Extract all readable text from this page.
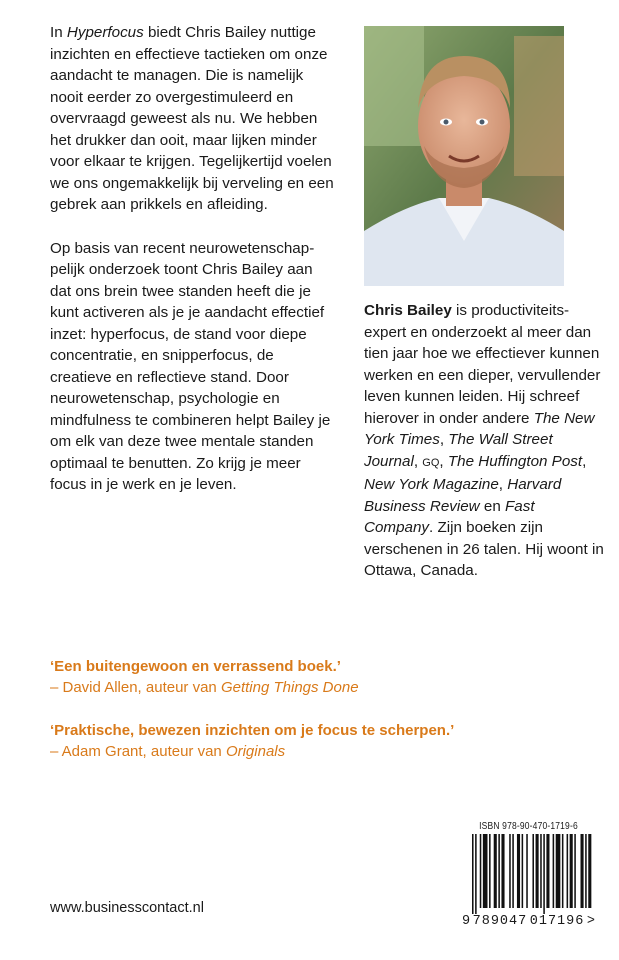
In Hyperfocus biedt Chris Bailey nuttige inzichten en effectieve tactieken om onze aandacht te managen. Die is namelijk nooit eerder zo overgestimuleerd en overvraagd geweest als nu. We hebben het drukker dan ooit, maar lijken minder voor elkaar te krijgen. Tegelijkertijd voelen we ons ongemakkelijk bij verveling en een gebrek aan prikkels en afleiding.

Op basis van recent neurowetenschap-pelijk onderzoek toont Chris Bailey aan dat ons brein twee standen heeft die je kunt activeren als je je aandacht effectief inzet: hyperfocus, de stand voor diepe concentratie, en snipperfocus, de creatieve en reflectieve stand. Door neurowetenschap, psychologie en mindfulness te combineren helpt Bailey je om elk van deze twee mentale standen optimaal te benutten. Zo krijg je meer focus in je werk en je leven.

Chris Bailey is productiviteits-expert en onderzoekt al meer dan tien jaar hoe we effectiever kunnen werken en een dieper, vervullender leven kunnen leiden. Hij schreef hierover in onder andere The New York Times, The Wall Street Journal, GQ, The Huffington Post, New York Magazine, Harvard Business Review en Fast Company. Zijn boeken zijn verschenen in 26 talen. Hij woont in Ottawa, Canada.

‘Een buitengewoon en verrassend boek.’
– David Allen, auteur van Getting Things Done
‘Praktische, bewezen inzichten om je focus te scherpen.’
– Adam Grant, auteur van Originals
www.businesscontact.nl
ISBN 978-90-470-1719-6
9 789047 017196 >
